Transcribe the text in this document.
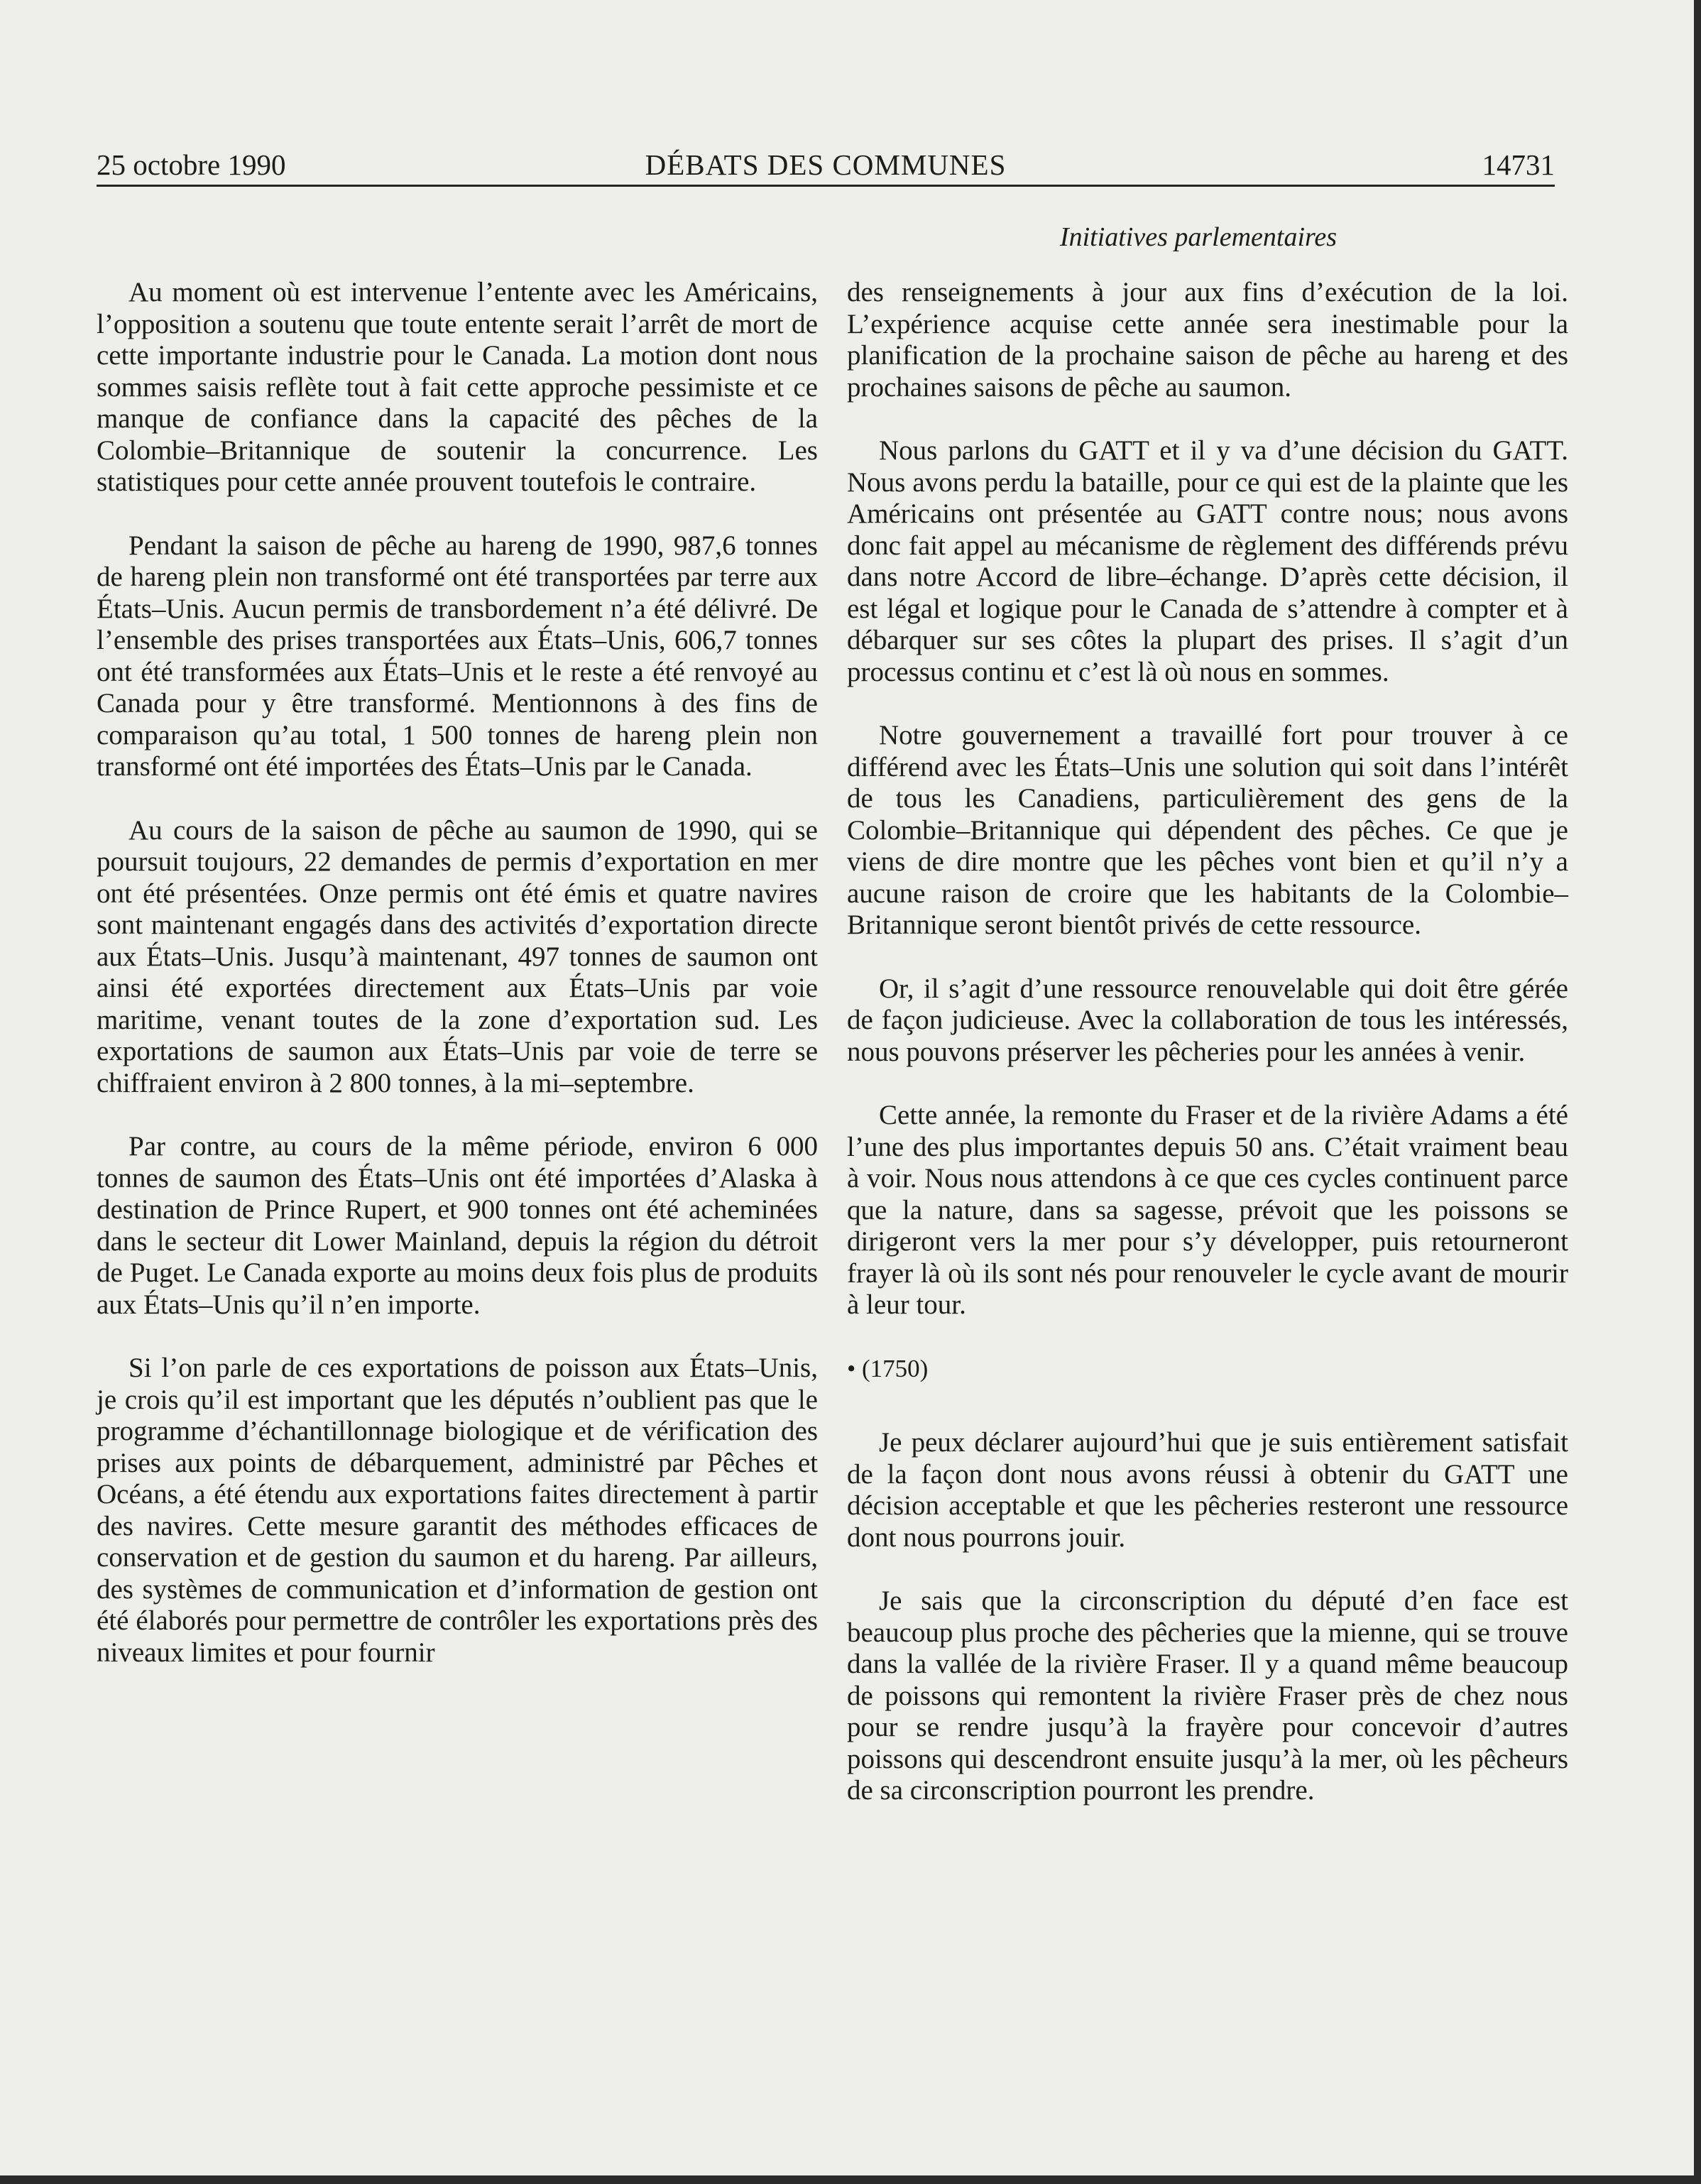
25 octobre 1990	DÉBATS DES COMMUNES	14731
Initiatives parlementaires

Au moment où est intervenue l’entente avec les Américains, l’opposition a soutenu que toute entente serait l’arrêt de mort de cette importante industrie pour le Canada. La motion dont nous sommes saisis reflète tout à fait cette approche pessimiste et ce manque de confiance dans la capacité des pêches de la Colombie–Britannique de soutenir la concurrence. Les statistiques pour cette année prouvent toutefois le contraire.

Pendant la saison de pêche au hareng de 1990, 987,6 tonnes de hareng plein non transformé ont été transportées par terre aux États–Unis. Aucun permis de transbordement n’a été délivré. De l’ensemble des prises transportées aux États–Unis, 606,7 tonnes ont été transformées aux États–Unis et le reste a été renvoyé au Canada pour y être transformé. Mentionnons à des fins de comparaison qu’au total, 1 500 tonnes de hareng plein non transformé ont été importées des États–Unis par le Canada.

Au cours de la saison de pêche au saumon de 1990, qui se poursuit toujours, 22 demandes de permis d’exportation en mer ont été présentées. Onze permis ont été émis et quatre navires sont maintenant engagés dans des activités d’exportation directe aux États–Unis. Jusqu’à maintenant, 497 tonnes de saumon ont ainsi été exportées directement aux États–Unis par voie maritime, venant toutes de la zone d’exportation sud. Les exportations de saumon aux États–Unis par voie de terre se chiffraient environ à 2 800 tonnes, à la mi–septembre.

Par contre, au cours de la même période, environ 6 000 tonnes de saumon des États–Unis ont été importées d’Alaska à destination de Prince Rupert, et 900 tonnes ont été acheminées dans le secteur dit Lower Mainland, depuis la région du détroit de Puget. Le Canada exporte au moins deux fois plus de produits aux États–Unis qu’il n’en importe.

Si l’on parle de ces exportations de poisson aux États–Unis, je crois qu’il est important que les députés n’oublient pas que le programme d’échantillonnage biologique et de vérification des prises aux points de débarquement, administré par Pêches et Océans, a été étendu aux exportations faites directement à partir des navires. Cette mesure garantit des méthodes efficaces de conservation et de gestion du saumon et du hareng. Par ailleurs, des systèmes de communication et d’information de gestion ont été élaborés pour permettre de contrôler les exportations près des niveaux limites et pour fournir

des renseignements à jour aux fins d’exécution de la loi. L’expérience acquise cette année sera inestimable pour la planification de la prochaine saison de pêche au hareng et des prochaines saisons de pêche au saumon.

Nous parlons du GATT et il y va d’une décision du GATT. Nous avons perdu la bataille, pour ce qui est de la plainte que les Américains ont présentée au GATT contre nous; nous avons donc fait appel au mécanisme de règlement des différends prévu dans notre Accord de libre–échange. D’après cette décision, il est légal et logique pour le Canada de s’attendre à compter et à débarquer sur ses côtes la plupart des prises. Il s’agit d’un processus continu et c’est là où nous en sommes.

Notre gouvernement a travaillé fort pour trouver à ce différend avec les États–Unis une solution qui soit dans l’intérêt de tous les Canadiens, particulièrement des gens de la Colombie–Britannique qui dépendent des pêches. Ce que je viens de dire montre que les pêches vont bien et qu’il n’y a aucune raison de croire que les habitants de la Colombie–Britannique seront bientôt privés de cette ressource.

Or, il s’agit d’une ressource renouvelable qui doit être gérée de façon judicieuse. Avec la collaboration de tous les intéressés, nous pouvons préserver les pêcheries pour les années à venir.

Cette année, la remonte du Fraser et de la rivière Adams a été l’une des plus importantes depuis 50 ans. C’était vraiment beau à voir. Nous nous attendons à ce que ces cycles continuent parce que la nature, dans sa sagesse, prévoit que les poissons se dirigeront vers la mer pour s’y développer, puis retourneront frayer là où ils sont nés pour renouveler le cycle avant de mourir à leur tour.

• (1750)

Je peux déclarer aujourd’hui que je suis entièrement satisfait de la façon dont nous avons réussi à obtenir du GATT une décision acceptable et que les pêcheries resteront une ressource dont nous pourrons jouir.

Je sais que la circonscription du député d’en face est beaucoup plus proche des pêcheries que la mienne, qui se trouve dans la vallée de la rivière Fraser. Il y a quand même beaucoup de poissons qui remontent la rivière Fraser près de chez nous pour se rendre jusqu’à la frayère pour concevoir d’autres poissons qui descendront ensuite jusqu’à la mer, où les pêcheurs de sa circonscription pourront les prendre.
